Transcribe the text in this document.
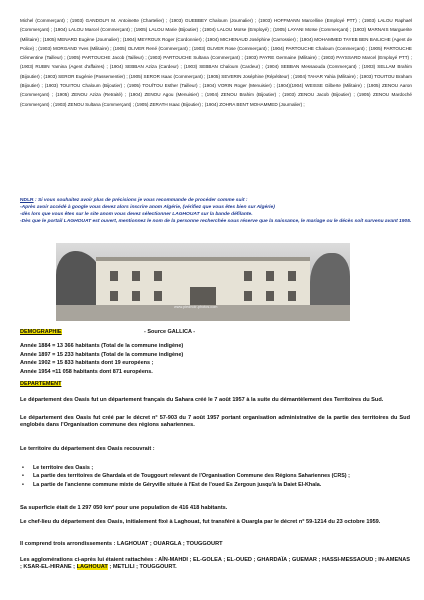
Michel (Commerçant) ; (1903) GANDOLFI M. Antoinette (Chartelier) ; (1903) GUEBBEY Chaloum (Journalier) ; (1903) HOFFMANN Marcelline (Employé PTT) ; (1903) LALOU Raphaël (Commerçant) ; (1904) LALOU Marcel (Commerçant) ; (1905) LALOU Marie (Bijoutier) ; (1904) LALOU Moïse (Employé) ; (1905) LAYANI Moïse (Commerçant) ; (1903) MARNAIS Marguerite (Militaire) ; (1905) MENARD Eugène (Journalier) ; (1904) MEYROUX Roger (Cordonnier) ; (1904) MICHENAUD Joséphine (Carrossier) ; (1904) MOHAMMED TAYEB BEN BAILICHE (Agent de Police) ; (1903) MORGAND Yves (Militaire) ; (1905) OLIVER René (Commerçant) ; (1903) OLIVER Rose (Commerçant) ; (1904) PARTOUCHE Chaloum (Commerçant) ; (1905) PARTOUCHE Clémentine (Tailleur) ; (1905) PARTOUCHE Jacob (Tailleur) ; (1903) PARTOUCHE Sultana (Commerçant) ; (1903) PAYRE Germaine (Militaire) ; (1903) PAYSSARD Marcel (Employé PTT) ; (1903) RUBIN Yamina (Agent d'affaires) ; (1904) SEBBAN Aziza (Cardeur) ; (1903) SEBBAN Chaloum (Cardeur) ; (1904) SEBBAN Messaouda (Commerçant) ; (1903) SELLAM Brahim (Bijoutier) ; (1903) SEROR Eugénie (Passementier) ; (1905) SEROR Isaac (Commerçant) ; (1905) SEVERIN Joséphine (Répétiteur) ; (1904) TAHAR Yahia (Militaire) ; (1903) TOUITOU Braham (Bijoutier) ; (1903) TOUITOU Chaloum (Bijoutier) ; (1905) TOUÏTOU Esther (Tailleur) ; (1904) VORIN Roger (Menuisier) ; (1904)(1904) WEISSE Gilberte (Militaire) ; (1905) ZENOU Aaron (Commerçant) ; (1905) ZENOU Aziza (Retraité) ; (1904) ZENOU Agou (Menuisier) ; (1904) ZENOU Brahim (Bijoutier) ; (1903) ZENOU Jacob (Bijoutier) ; (1905) ZENOU Mardoché (Commerçant) ; (1903) ZENOU Sultana (Commerçant) ; (1905) ZERATH Isaac (Bijoutier) ; (1904) ZOHRA BENT MOHAMMED (Journalier) ;
NDLR : Si vous souhaitez avoir plus de précisions je vous recommande de procéder comme suit :
-Après avoir accédé à google vous devez alors inscrire anom Algérie, (vérifiez que vous êtes bien sur Algérie)
-dès lors que vous êtes sur le site anom vous devez sélectionner LAGHOUAT sur la bande défilante.
-Dès que le portail LAGHOUAT est ouvert, mentionnez le nom de la personne recherchée sous réserve que la naissance, le mariage ou le décès soit survenu avant 1905.
www.piednoir-photos.com
DEMOGRAPHIE	- Source GALLICA -
Année 1884 = 13 366 habitants (Total de la commune indigène)
Année 1897 = 15 233 habitants (Total de la commune indigène)
Année 1902 = 15 833 habitants dont 19 européens ;
Année 1954 =11 058 habitants dont 871 européens.
DEPARTEMENT
Le département des Oasis fut un département français du Sahara créé le 7 août 1957 à la suite du démantèlement des Territoires du Sud.
Le département des Oasis fut créé par le décret n° 57-903 du 7 août 1957 portant organisation administrative de la partie des territoires du Sud englobés dans l'Organisation commune des régions sahariennes.
Le territoire du département des Oasis recouvrait :
• Le territoire des Oasis ;
• La partie des territoires de Ghardaïa et de Touggourt relevant de l'Organisation Commune des Régions Sahariennes (CRS) ;
• La partie de l'ancienne commune mixte de Géryville située à l'Est de l'oued Es Zergoun jusqu'à la Daiet El-Khala.
Sa superficie était de 1 297 050 km² pour une population de 416 418 habitants.
Le chef-lieu du département des Oasis, initialement fixé à Laghouat, fut transféré à Ouargla par le décret n° 59-1214 du 23 octobre 1959.
Il comprend trois arrondissements : LAGHOUAT ; OUARGLA ; TOUGGOURT
Les agglomérations ci-après lui étaient rattachées : AÏN-MAHDI ; EL-GOLEA ; EL-OUED ; GHARDAÏA ; GUEMAR ; HASSI-MESSAOUD ; IN-AMENAS ; KSAR-EL-HIRANE ; LAGHOUAT ; METLILI ; TOUGGOURT.
